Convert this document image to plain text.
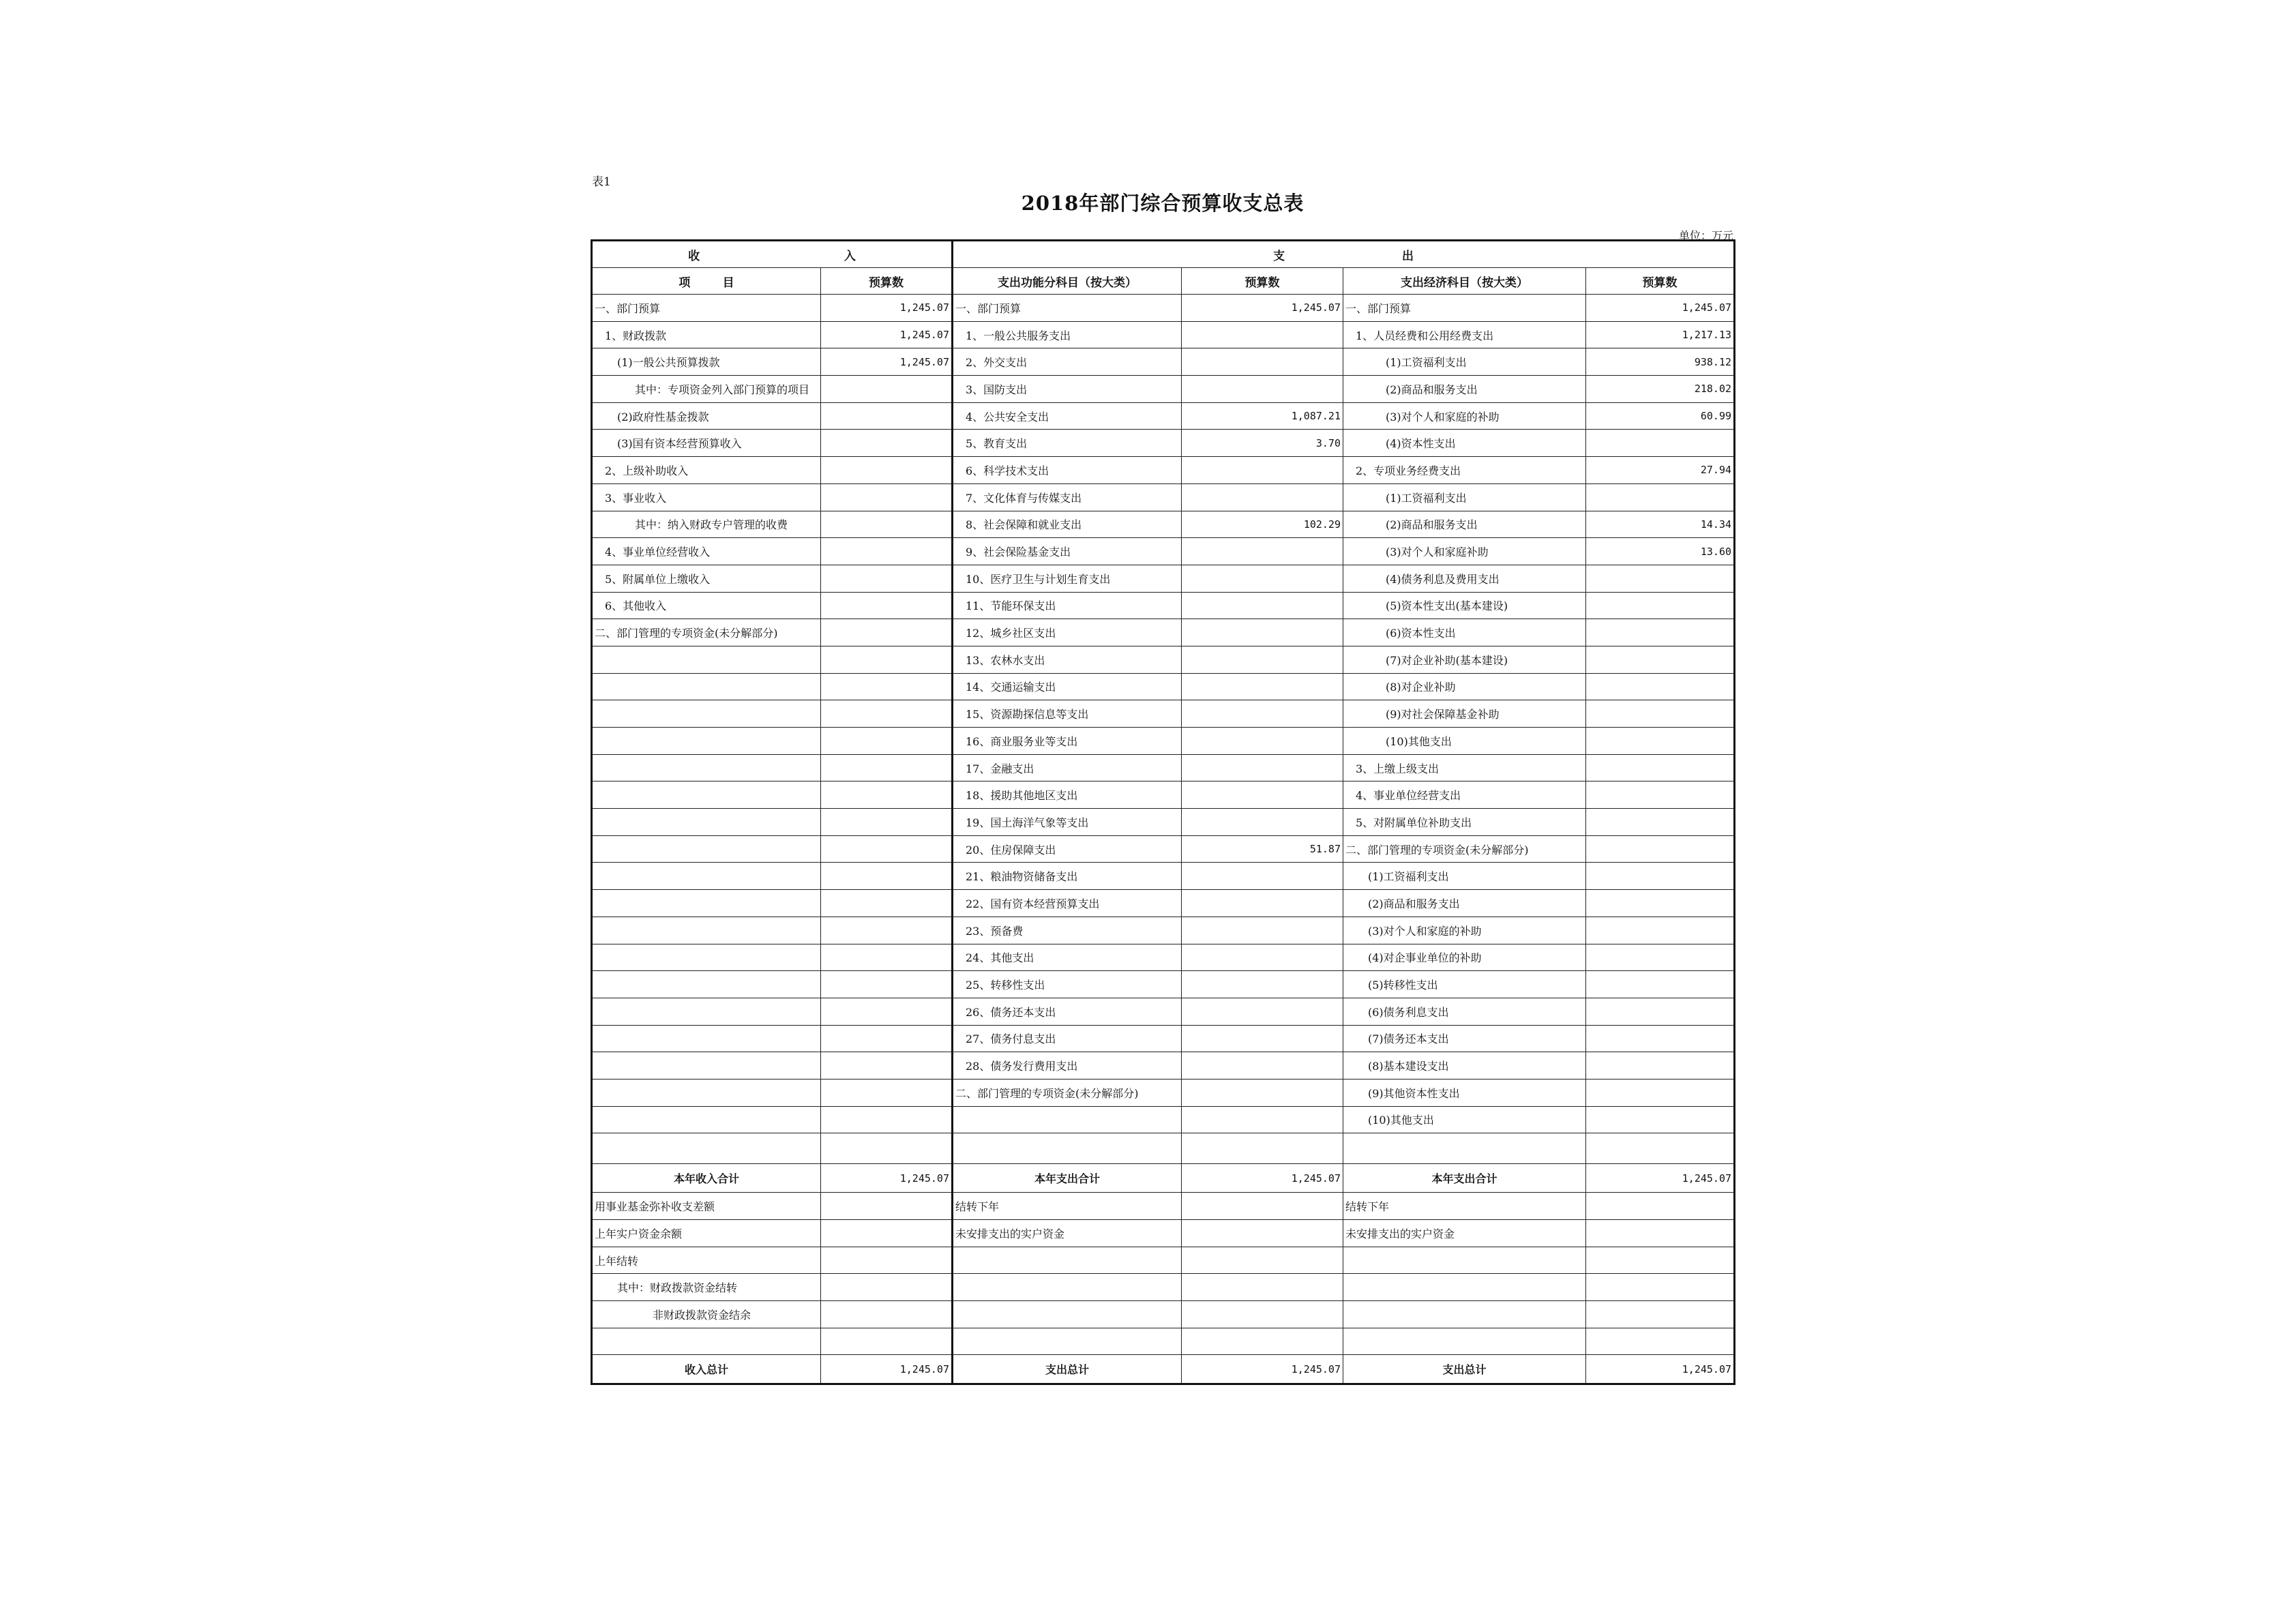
表1
2018年部门综合预算收支总表
单位：万元
收 入		支 出			
项        目	预算数	支出功能分科目（按大类）	预算数	支出经济科目（按大类）	预算数
一、部门预算	1,245.07	一、部门预算	1,245.07	一、部门预算	1,245.07
1、财政拨款	1,245.07	1、一般公共服务支出		1、人员经费和公用经费支出	1,217.13
(1)一般公共预算拨款	1,245.07	2、外交支出		(1)工资福利支出	938.12
其中：专项资金列入部门预算的项目		3、国防支出		(2)商品和服务支出	218.02
(2)政府性基金拨款		4、公共安全支出	1,087.21	(3)对个人和家庭的补助	60.99
(3)国有资本经营预算收入		5、教育支出	3.70	(4)资本性支出	
2、上级补助收入		6、科学技术支出		2、专项业务经费支出	27.94
3、事业收入		7、文化体育与传媒支出		(1)工资福利支出	
其中：纳入财政专户管理的收费		8、社会保障和就业支出	102.29	(2)商品和服务支出	14.34
4、事业单位经营收入		9、社会保险基金支出		(3)对个人和家庭补助	13.60
5、附属单位上缴收入		10、医疗卫生与计划生育支出		(4)债务利息及费用支出	
6、其他收入		11、节能环保支出		(5)资本性支出(基本建设)	
二、部门管理的专项资金(未分解部分)		12、城乡社区支出		(6)资本性支出	
		13、农林水支出		(7)对企业补助(基本建设)	
		14、交通运输支出		(8)对企业补助	
		15、资源勘探信息等支出		(9)对社会保障基金补助	
		16、商业服务业等支出		(10)其他支出	
		17、金融支出		3、上缴上级支出	
		18、援助其他地区支出		4、事业单位经营支出	
		19、国土海洋气象等支出		5、对附属单位补助支出	
		20、住房保障支出	51.87	二、部门管理的专项资金(未分解部分)	
		21、粮油物资储备支出		(1)工资福利支出	
		22、国有资本经营预算支出		(2)商品和服务支出	
		23、预备费		(3)对个人和家庭的补助	
		24、其他支出		(4)对企事业单位的补助	
		25、转移性支出		(5)转移性支出	
		26、债务还本支出		(6)债务利息支出	
		27、债务付息支出		(7)债务还本支出	
		28、债务发行费用支出		(8)基本建设支出	
		二、部门管理的专项资金(未分解部分)		(9)其他资本性支出	
				(10)其他支出	

本年收入合计	1,245.07	本年支出合计	1,245.07	本年支出合计	1,245.07
用事业基金弥补收支差额		结转下年		结转下年	
上年实户资金余额		未安排支出的实户资金		未安排支出的实户资金	
上年结转					
其中：财政拨款资金结转					
非财政拨款资金结余					

收入总计	1,245.07	支出总计	1,245.07	支出总计	1,245.07
